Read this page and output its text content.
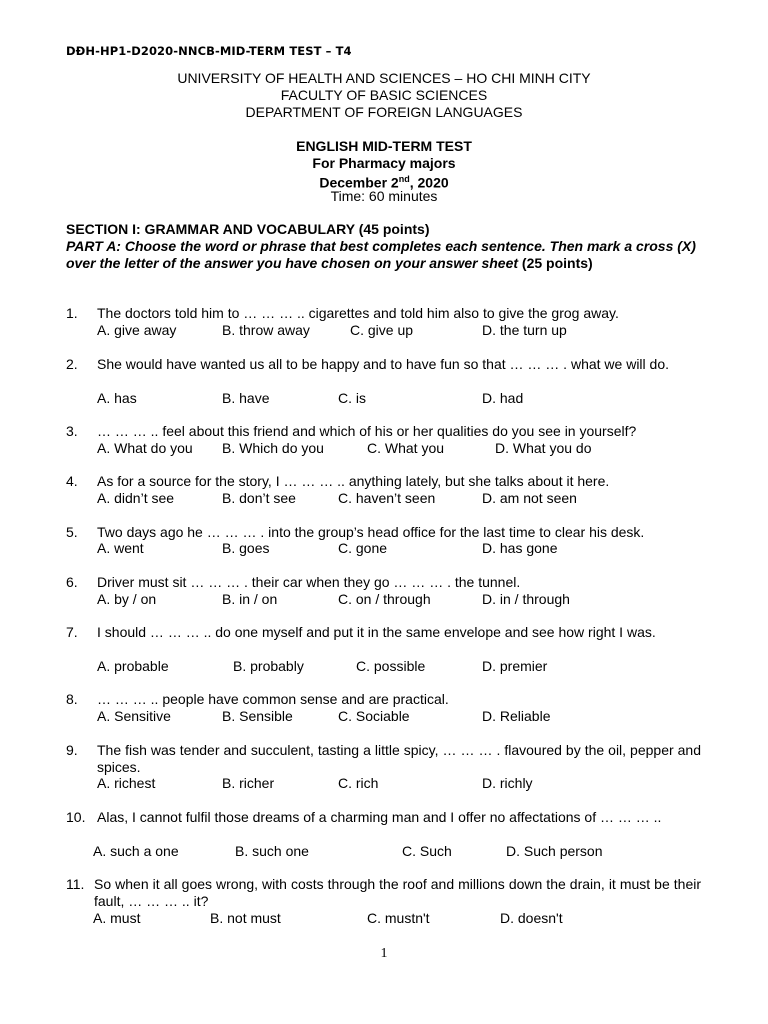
DĐH-HP1-D2020-NNCB-MID-TERM TEST – T4
UNIVERSITY OF HEALTH AND SCIENCES – HO CHI MINH CITY
FACULTY OF BASIC SCIENCES
DEPARTMENT OF FOREIGN LANGUAGES
ENGLISH MID-TERM TEST
For Pharmacy majors
December 2nd, 2020
Time: 60 minutes
SECTION I: GRAMMAR AND VOCABULARY (45 points)
PART A: Choose the word or phrase that best completes each sentence. Then mark a cross (X) over the letter of the answer you have chosen on your answer sheet (25 points)
1. The doctors told him to … … … .. cigarettes and told him also to give the grog away.
A. give away	B. throw away	C. give up	D. the turn up
2. She would have wanted us all to be happy and to have fun so that … … … . what we will do.
A. has	B. have	C. is	D. had
3. … … … .. feel about this friend and which of his or her qualities do you see in yourself?
A. What do you B. Which do you	C. What you	D. What you do
4. As for a source for the story, I … … … .. anything lately, but she talks about it here.
A. didn’t see	B. don’t see	C. haven’t seen	D. am not seen
5. Two days ago he … … … . into the group’s head office for the last time to clear his desk.
A. went	B. goes	C. gone	D. has gone
6. Driver must sit … … … . their car when they go … … … . the tunnel.
A. by / on	B. in / on	C. on / through	D. in / through
7. I should … … … .. do one myself and put it in the same envelope and see how right I was.
A. probable	B. probably	C. possible	D. premier
8. … … … .. people have common sense and are practical.
A. Sensitive	B. Sensible	C. Sociable	D. Reliable
9. The fish was tender and succulent, tasting a little spicy, … … … . flavoured by the oil, pepper and spices.
A. richest	B. richer	C. rich	D. richly
10. Alas, I cannot fulfil those dreams of a charming man and I offer no affectations of … … … ..
A. such a one	B. such one	C. Such	D. Such person
11. So when it all goes wrong, with costs through the roof and millions down the drain, it must be their fault, … … … .. it?
A. must	B. not must	C. mustn't	D. doesn't
1
